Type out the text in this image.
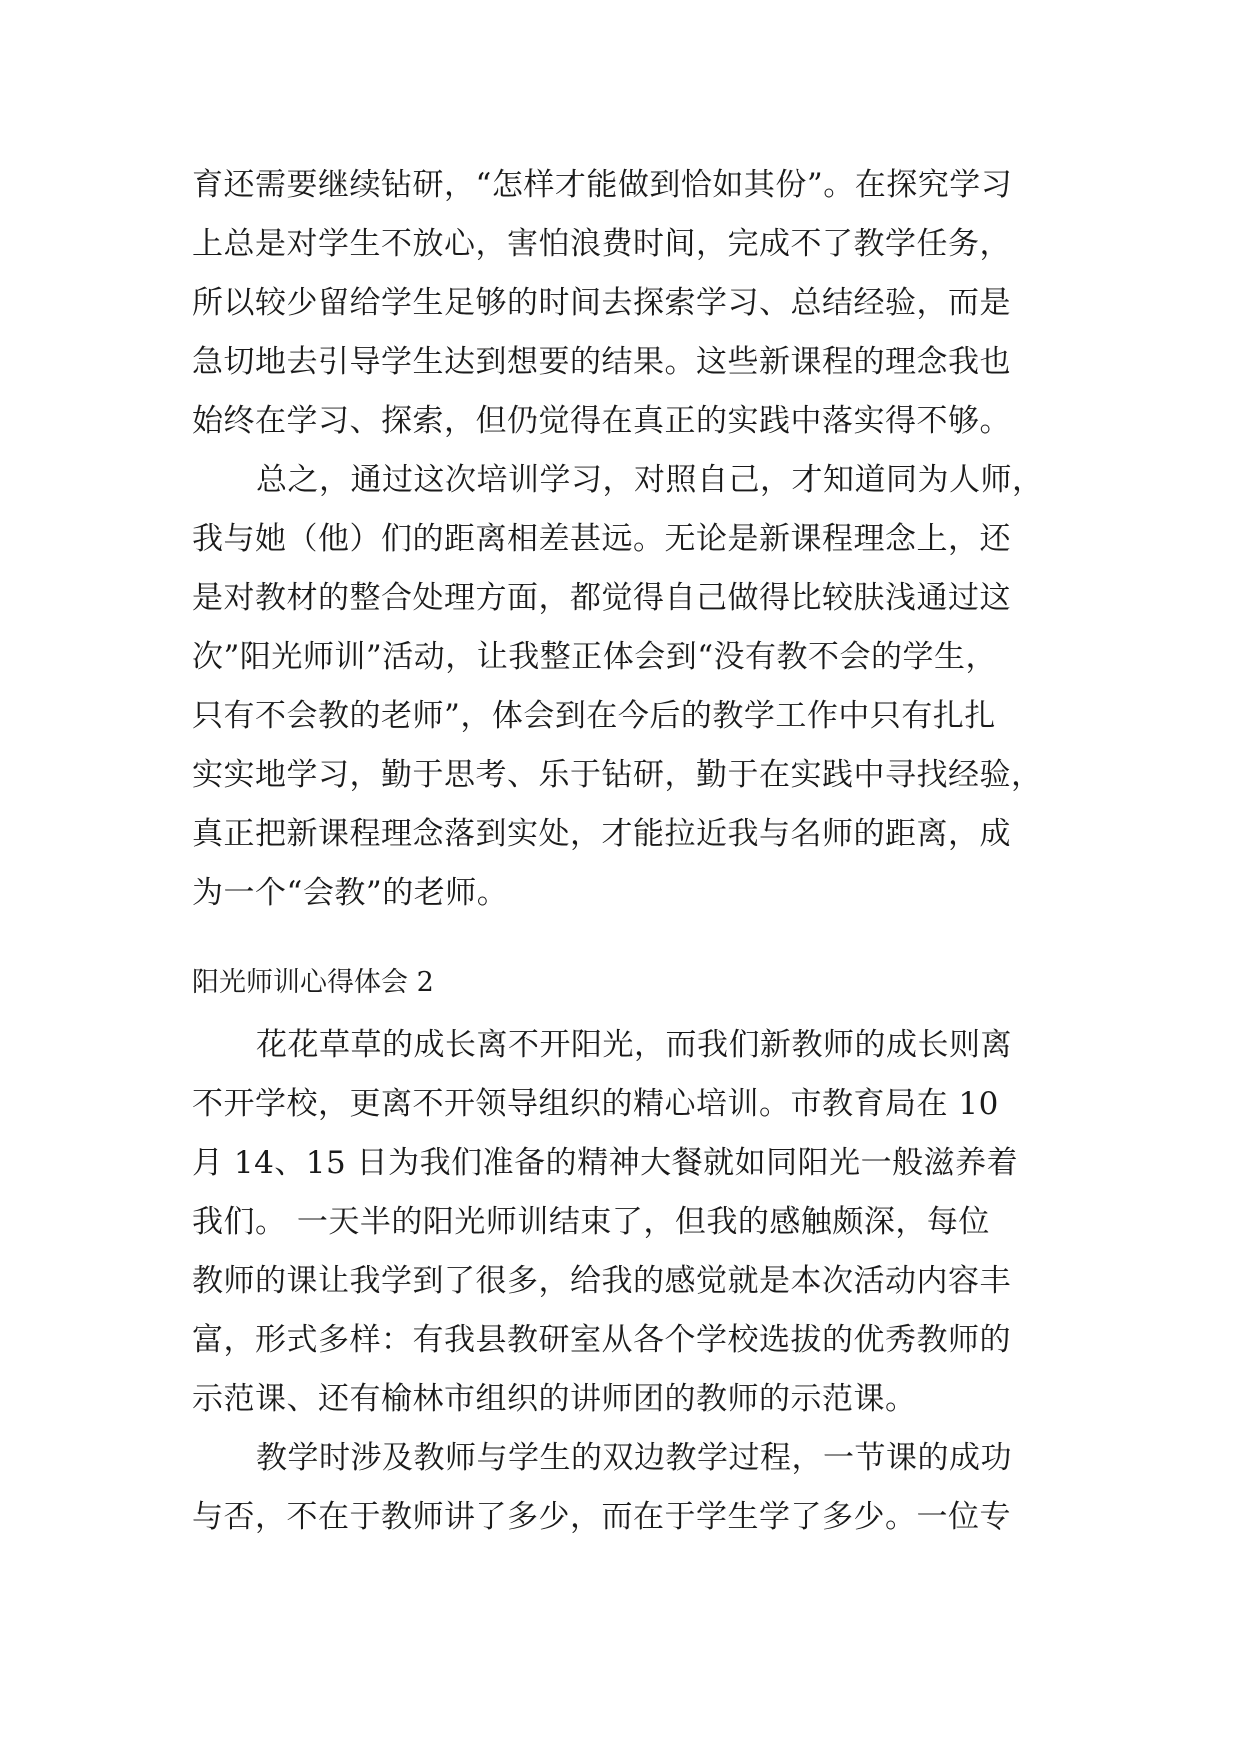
育还需要继续钻研，“怎样才能做到恰如其份”。在探究学习
上总是对学生不放心，害怕浪费时间，完成不了教学任务，
所以较少留给学生足够的时间去探索学习、总结经验，而是
急切地去引导学生达到想要的结果。这些新课程的理念我也
始终在学习、探索，但仍觉得在真正的实践中落实得不够。
总之，通过这次培训学习，对照自己，才知道同为人师，
我与她（他）们的距离相差甚远。无论是新课程理念上，还
是对教材的整合处理方面，都觉得自己做得比较肤浅通过这
次”阳光师训”活动，让我整正体会到“没有教不会的学生，
只有不会教的老师”，体会到在今后的教学工作中只有扎扎
实实地学习，勤于思考、乐于钻研，勤于在实践中寻找经验，
真正把新课程理念落到实处，才能拉近我与名师的距离，成
为一个“会教”的老师。
阳光师训心得体会 2
花花草草的成长离不开阳光，而我们新教师的成长则离
不开学校，更离不开领导组织的精心培训。市教育局在 10
月 14、15 日为我们准备的精神大餐就如同阳光一般滋养着
我们。 一天半的阳光师训结束了，但我的感触颇深，每位
教师的课让我学到了很多，给我的感觉就是本次活动内容丰
富，形式多样：有我县教研室从各个学校选拔的优秀教师的
示范课、还有榆林市组织的讲师团的教师的示范课。
教学时涉及教师与学生的双边教学过程，一节课的成功
与否，不在于教师讲了多少，而在于学生学了多少。一位专
